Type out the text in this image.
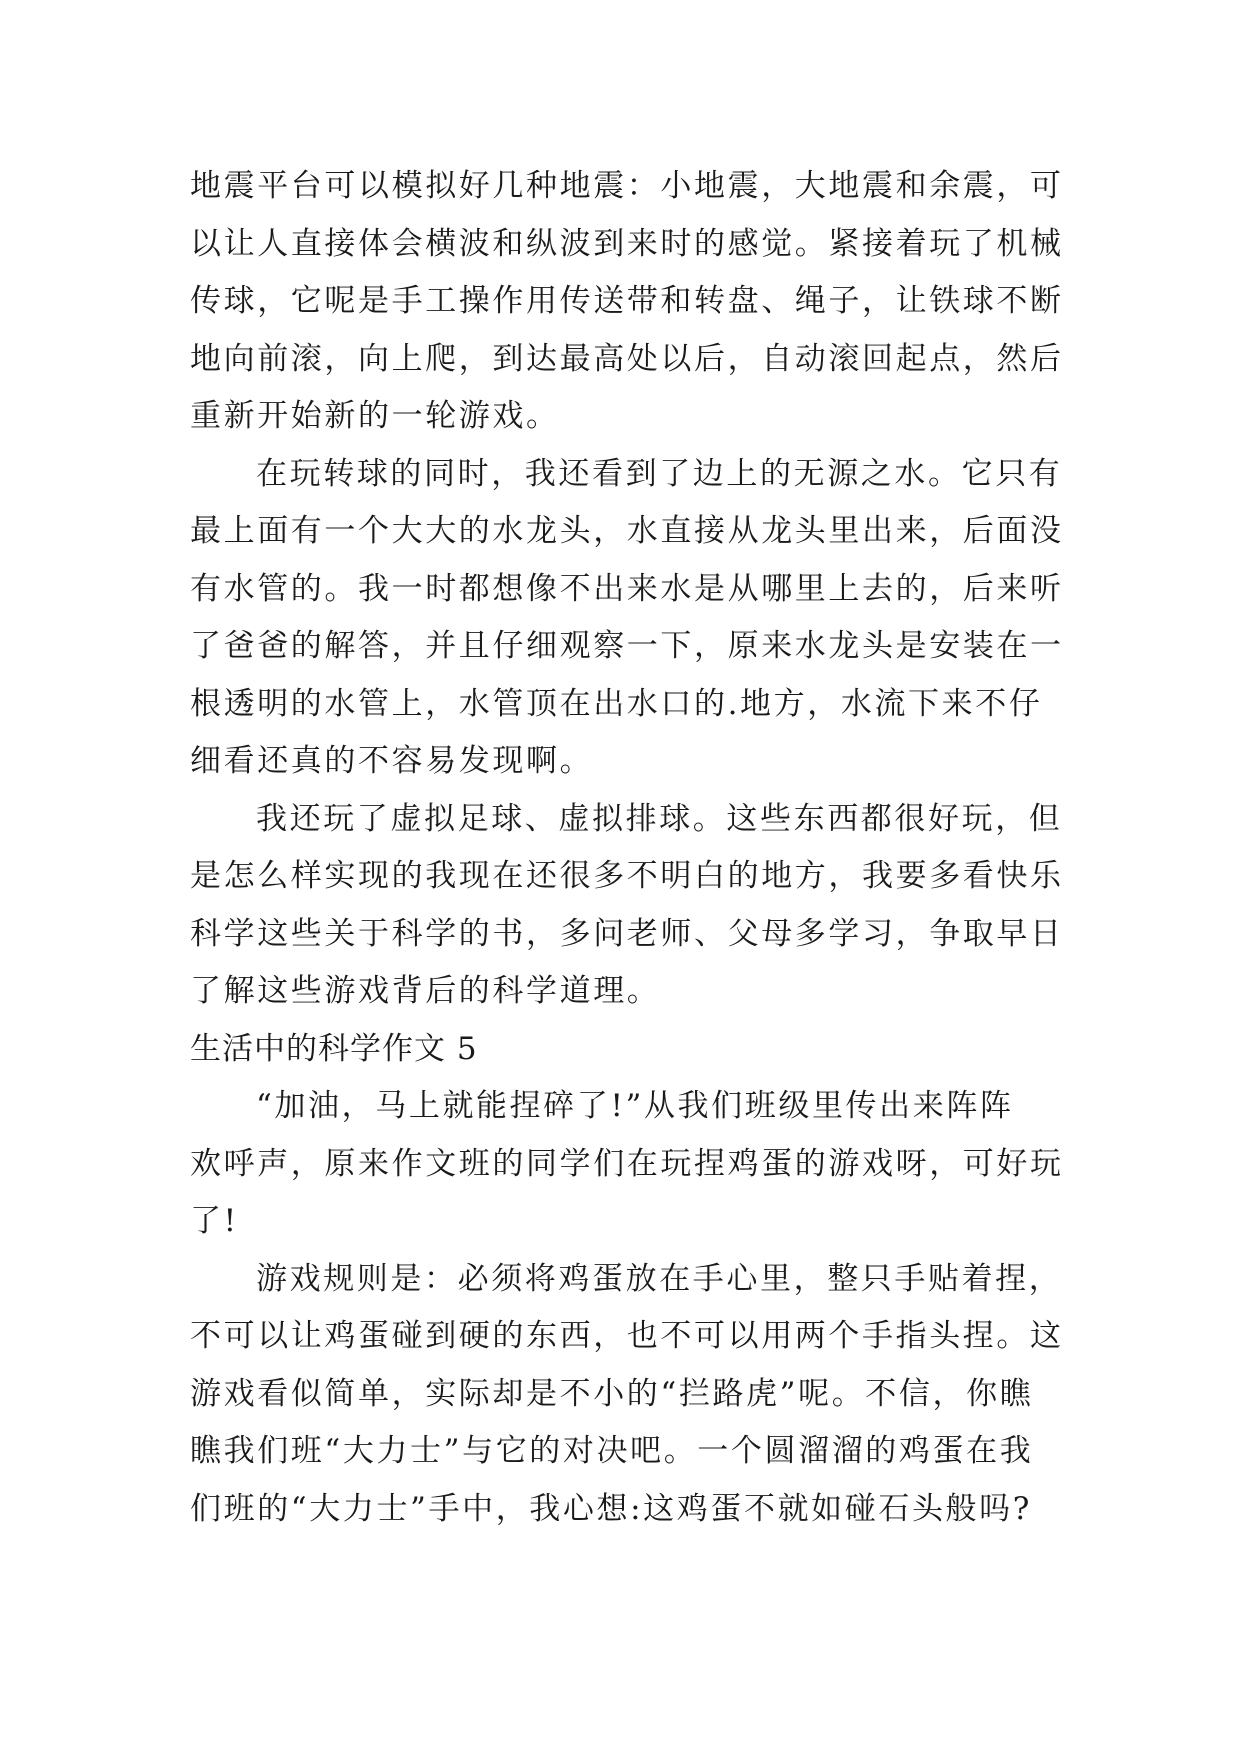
地震平台可以模拟好几种地震：小地震，大地震和余震，可
以让人直接体会横波和纵波到来时的感觉。紧接着玩了机械
传球，它呢是手工操作用传送带和转盘、绳子，让铁球不断
地向前滚，向上爬，到达最高处以后，自动滚回起点，然后
重新开始新的一轮游戏。
在玩转球的同时，我还看到了边上的无源之水。它只有
最上面有一个大大的水龙头，水直接从龙头里出来，后面没
有水管的。我一时都想像不出来水是从哪里上去的，后来听
了爸爸的解答，并且仔细观察一下，原来水龙头是安装在一
根透明的水管上，水管顶在出水口的.地方，水流下来不仔
细看还真的不容易发现啊。
我还玩了虚拟足球、虚拟排球。这些东西都很好玩，但
是怎么样实现的我现在还很多不明白的地方，我要多看快乐
科学这些关于科学的书，多问老师、父母多学习，争取早日
了解这些游戏背后的科学道理。
生活中的科学作文 5
“加油，马上就能捏碎了!”从我们班级里传出来阵阵
欢呼声，原来作文班的同学们在玩捏鸡蛋的游戏呀，可好玩
了!
游戏规则是：必须将鸡蛋放在手心里，整只手贴着捏，
不可以让鸡蛋碰到硬的东西，也不可以用两个手指头捏。这
游戏看似简单，实际却是不小的“拦路虎”呢。不信，你瞧
瞧我们班“大力士”与它的对决吧。一个圆溜溜的鸡蛋在我
们班的“大力士”手中，我心想:这鸡蛋不就如碰石头般吗?
